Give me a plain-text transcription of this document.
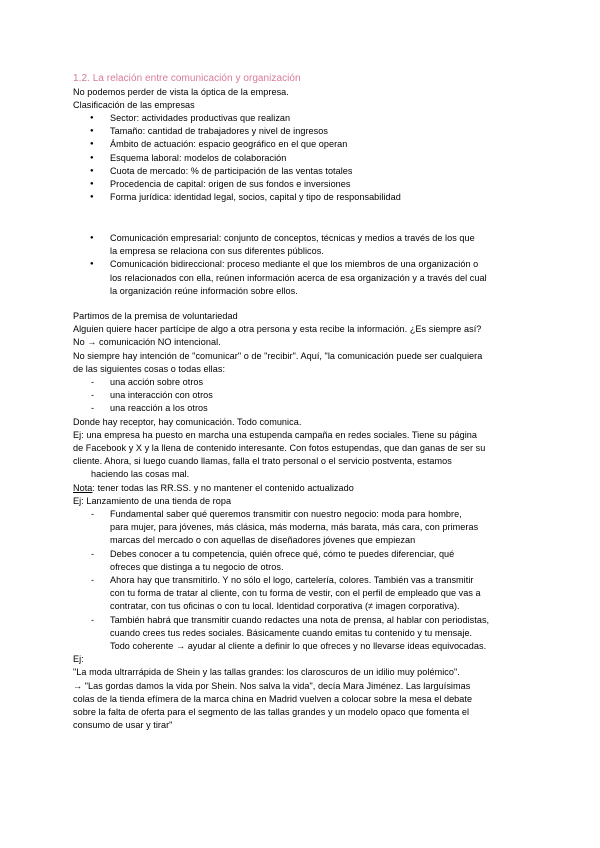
1.2. La relación entre comunicación y organización
No podemos perder de vista la óptica de la empresa.
Clasificación de las empresas
● Sector: actividades productivas que realizan
● Tamaño: cantidad de trabajadores y nivel de ingresos
● Ámbito de actuación: espacio geográfico en el que operan
● Esquema laboral: modelos de colaboración
● Cuota de mercado: % de participación de las ventas totales
● Procedencia de capital: origen de sus fondos e inversiones
● Forma jurídica: identidad legal, socios, capital y tipo de responsabilidad
● Comunicación empresarial: conjunto de conceptos, técnicas y medios a través de los que
la empresa se relaciona con sus diferentes públicos.
● Comunicación bidireccional: proceso mediante el que los miembros de una organización o
los relacionados con ella, reúnen información acerca de esa organización y a través del cual
la organización reúne información sobre ellos.
Partimos de la premisa de voluntariedad
Alguien quiere hacer partícipe de algo a otra persona y esta recibe la información. ¿Es siempre así?
No → comunicación NO intencional.
No siempre hay intención de "comunicar" o de "recibir". Aquí, "la comunicación puede ser cualquiera
de las siguientes cosas o todas ellas:
- una acción sobre otros
- una interacción con otros
- una reacción a los otros
Donde hay receptor, hay comunicación. Todo comunica.
Ej: una empresa ha puesto en marcha una estupenda campaña en redes sociales. Tiene su página
de Facebook y X y la llena de contenido interesante. Con fotos estupendas, que dan ganas de ser su
cliente. Ahora, si luego cuando llamas, falla el trato personal o el servicio postventa, estamos
haciendo las cosas mal.
Nota: tener todas las RR.SS. y no mantener el contenido actualizado
Ej: Lanzamiento de una tienda de ropa
- Fundamental saber qué queremos transmitir con nuestro negocio: moda para hombre,
para mujer, para jóvenes, más clásica, más moderna, más barata, más cara, con primeras
marcas del mercado o con aquellas de diseñadores jóvenes que empiezan
- Debes conocer a tu competencia, quién ofrece qué, cómo te puedes diferenciar, qué
ofreces que distinga a tu negocio de otros.
- Ahora hay que transmitirlo. Y no sólo el logo, cartelería, colores. También vas a transmitir
con tu forma de tratar al cliente, con tu forma de vestir, con el perfil de empleado que vas a
contratar, con tus oficinas o con tu local. Identidad corporativa (≠ imagen corporativa).
- También habrá que transmitir cuando redactes una nota de prensa, al hablar con periodistas,
cuando crees tus redes sociales. Básicamente cuando emitas tu contenido y tu mensaje.
Todo coherente → ayudar al cliente a definir lo que ofreces y no llevarse ideas equivocadas.
Ej:
"La moda ultrarrápida de Shein y las tallas grandes: los claroscuros de un idilio muy polémico".
→ "Las gordas damos la vida por Shein. Nos salva la vida", decía Mara Jiménez. Las larguísimas
colas de la tienda efímera de la marca china en Madrid vuelven a colocar sobre la mesa el debate
sobre la falta de oferta para el segmento de las tallas grandes y un modelo opaco que fomenta el
consumo de usar y tirar"
